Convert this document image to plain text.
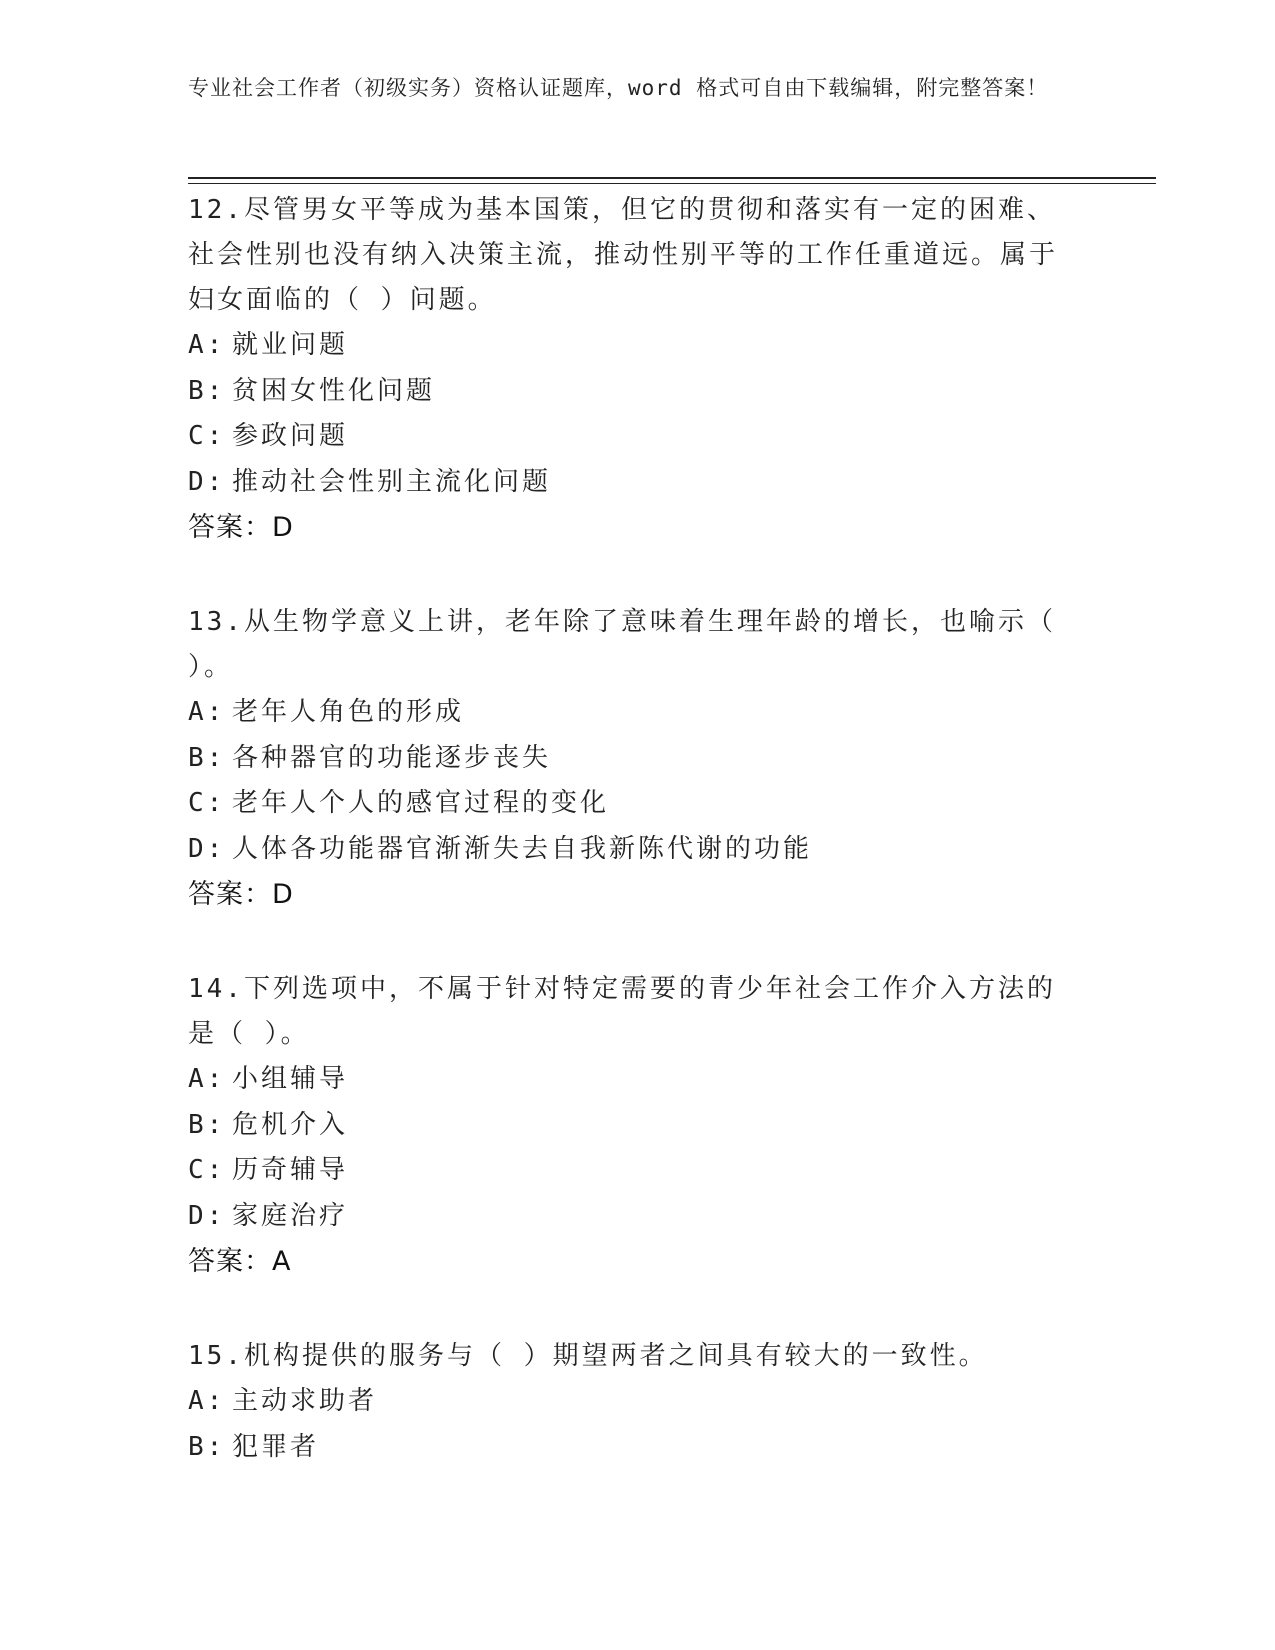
专业社会工作者（初级实务）资格认证题库，word 格式可自由下载编辑，附完整答案！

12.尽管男女平等成为基本国策，但它的贯彻和落实有一定的困难、社会性别也没有纳入决策主流，推动性别平等的工作任重道远。属于妇女面临的（ ）问题。

A: 就业问题
B: 贫困女性化问题
C: 参政问题
D: 推动社会性别主流化问题
答案：D

13.从生物学意义上讲，老年除了意味着生理年龄的增长，也喻示（ ）。

A: 老年人角色的形成
B: 各种器官的功能逐步丧失
C: 老年人个人的感官过程的变化
D: 人体各功能器官渐渐失去自我新陈代谢的功能
答案：D

14.下列选项中，不属于针对特定需要的青少年社会工作介入方法的是（ ）。

A: 小组辅导
B: 危机介入
C: 历奇辅导
D: 家庭治疗
答案：A

15.机构提供的服务与（ ）期望两者之间具有较大的一致性。

A: 主动求助者
B: 犯罪者
